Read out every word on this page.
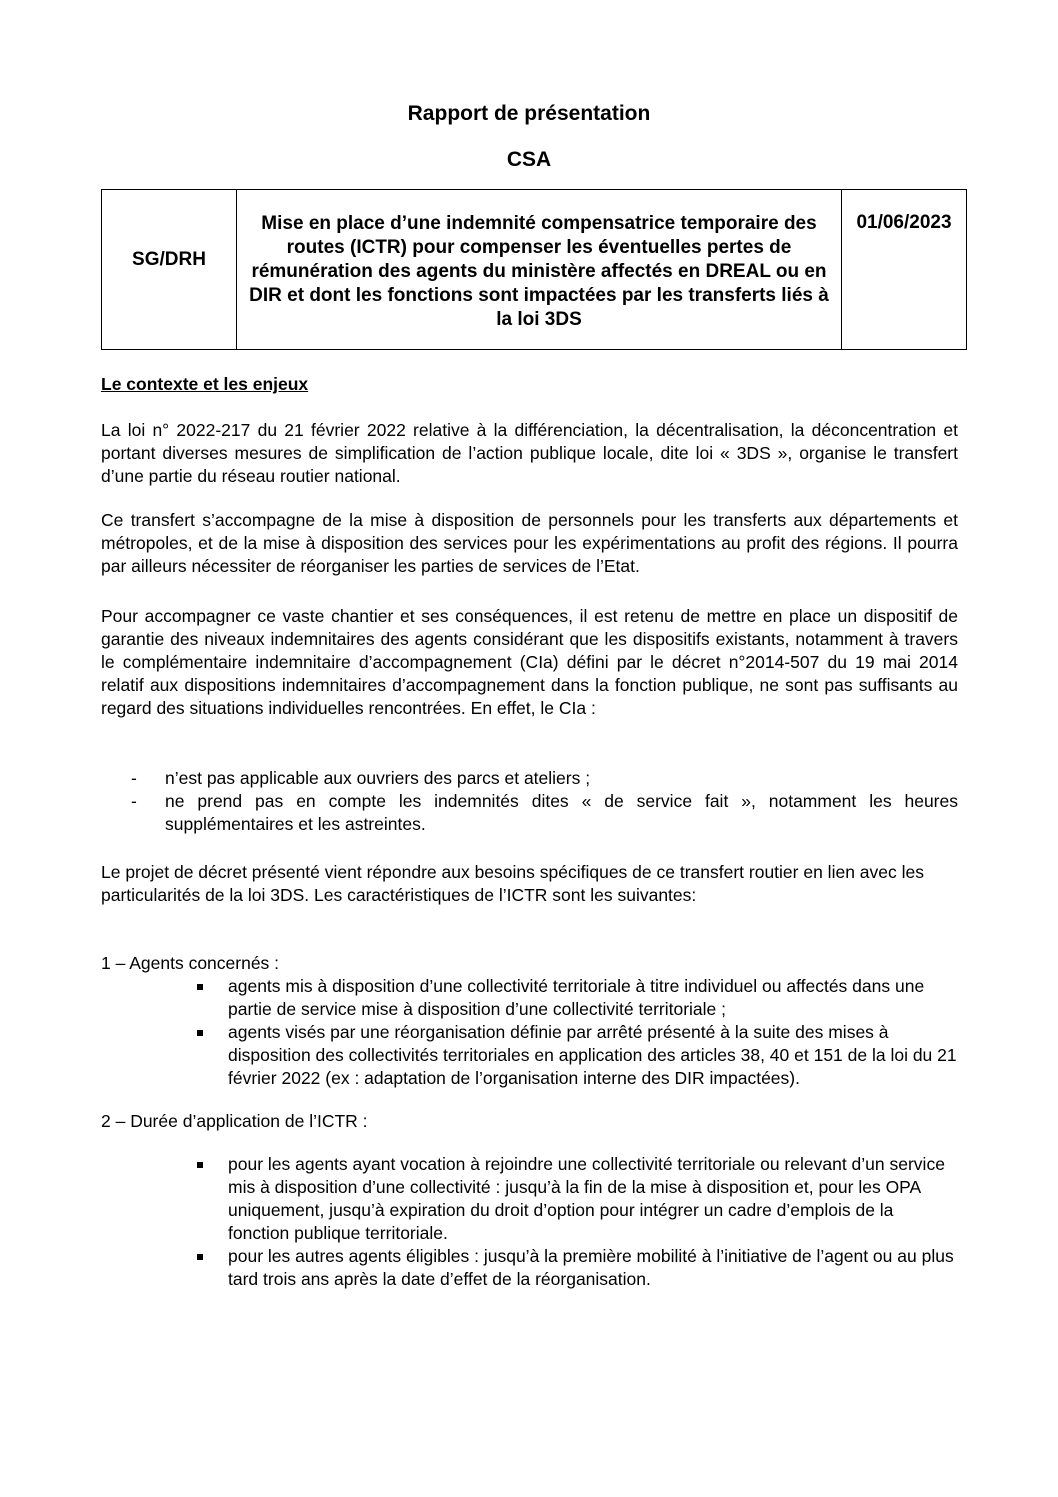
Rapport de présentation
CSA
SG/DRH	Mise en place d’une indemnité compensatrice temporaire des routes (ICTR) pour compenser les éventuelles pertes de rémunération des agents du ministère affectés en DREAL ou en DIR et dont les fonctions sont impactées par les transferts liés à la loi 3DS	01/06/2023
Le contexte et les enjeux
La loi n° 2022-217 du 21 février 2022 relative à la différenciation, la décentralisation, la déconcentration et portant diverses mesures de simplification de l’action publique locale, dite loi « 3DS », organise le transfert d’une partie du réseau routier national.
Ce transfert s’accompagne de la mise à disposition de personnels pour les transferts aux départements et métropoles, et de la mise à disposition des services pour les expérimentations au profit des régions. Il pourra par ailleurs nécessiter de réorganiser les parties de services de l’Etat.
Pour accompagner ce vaste chantier et ses conséquences, il est retenu de mettre en place un dispositif de garantie des niveaux indemnitaires des agents considérant que les dispositifs existants, notamment à travers le complémentaire indemnitaire d’accompagnement (CIa) défini par le décret n°2014-507 du 19 mai 2014 relatif aux dispositions indemnitaires d’accompagnement dans la fonction publique, ne sont pas suffisants au regard des situations individuelles rencontrées. En effet, le CIa :
- n’est pas applicable aux ouvriers des parcs et ateliers ;
- ne prend pas en compte les indemnités dites « de service fait », notamment les heures supplémentaires et les astreintes.
Le projet de décret présenté vient répondre aux besoins spécifiques de ce transfert routier en lien avec les particularités de la loi 3DS. Les caractéristiques de l’ICTR sont les suivantes:
1 – Agents concernés :
agents mis à disposition d’une collectivité territoriale à titre individuel ou affectés dans une partie de service mise à disposition d’une collectivité territoriale ;
agents visés par une réorganisation définie par arrêté présenté à la suite des mises à disposition des collectivités territoriales en application des articles 38, 40 et 151 de la loi du 21 février 2022 (ex : adaptation de l’organisation interne des DIR impactées).
2 – Durée d’application de l’ICTR :
pour les agents ayant vocation à rejoindre une collectivité territoriale ou relevant d’un service mis à disposition d’une collectivité : jusqu’à la fin de la mise à disposition et, pour les OPA uniquement, jusqu’à expiration du droit d’option pour intégrer un cadre d’emplois de la fonction publique territoriale.
pour les autres agents éligibles : jusqu’à la première mobilité à l’initiative de l’agent ou au plus tard trois ans après la date d’effet de la réorganisation.
